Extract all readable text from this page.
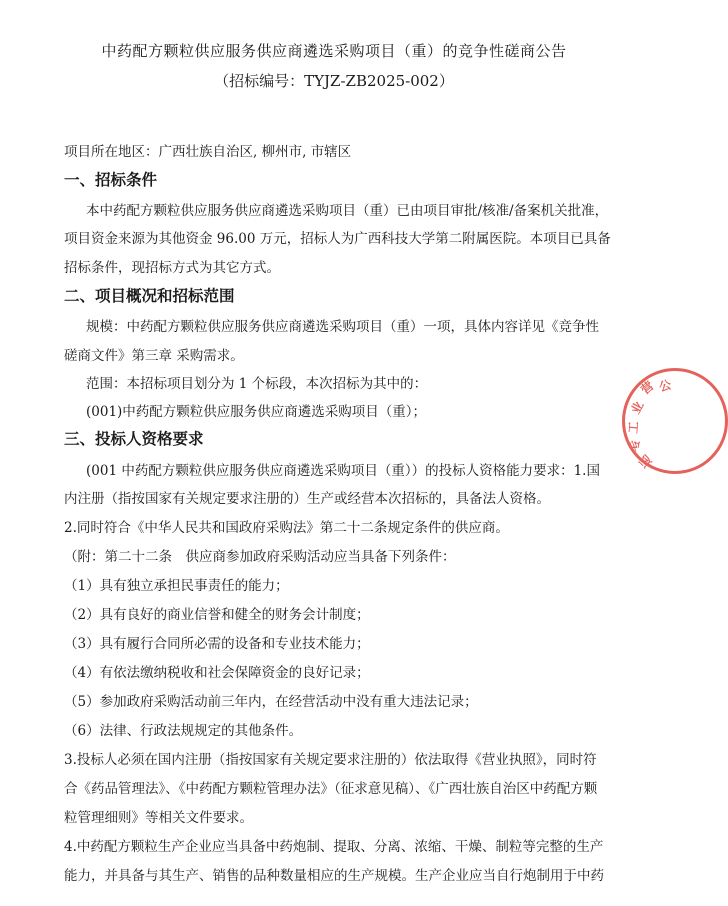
中药配方颗粒供应服务供应商遴选采购项目（重）的竞争性磋商公告
（招标编号：TYJZ-ZB2025-002）
项目所在地区：广西壮族自治区, 柳州市, 市辖区
一、招标条件
本中药配方颗粒供应服务供应商遴选采购项目（重）已由项目审批/核准/备案机关批准，
项目资金来源为其他资金 96.00 万元，招标人为广西科技大学第二附属医院。本项目已具备
招标条件，现招标方式为其它方式。
二、项目概况和招标范围
规模：中药配方颗粒供应服务供应商遴选采购项目（重）一项，具体内容详见《竞争性
磋商文件》第三章 采购需求。
范围：本招标项目划分为 1 个标段，本次招标为其中的：
(001)中药配方颗粒供应服务供应商遴选采购项目（重）；
三、投标人资格要求
(001 中药配方颗粒供应服务供应商遴选采购项目（重））的投标人资格能力要求：1.国
内注册（指按国家有关规定要求注册的）生产或经营本次招标的，具备法人资格。
2.同时符合《中华人民共和国政府采购法》第二十二条规定条件的供应商。
（附：第二十二条　供应商参加政府采购活动应当具备下列条件：
（1）具有独立承担民事责任的能力；
（2）具有良好的商业信誉和健全的财务会计制度；
（3）具有履行合同所必需的设备和专业技术能力；
（4）有依法缴纳税收和社会保障资金的良好记录；
（5）参加政府采购活动前三年内，在经营活动中没有重大违法记录；
（6）法律、行政法规规定的其他条件。
3.投标人必须在国内注册（指按国家有关规定要求注册的）依法取得《营业执照》，同时符
合《药品管理法》、《中药配方颗粒管理办法》（征求意见稿）、《广西壮族自治区中药配方颗
粒管理细则》等相关文件要求。
4.中药配方颗粒生产企业应当具备中药炮制、提取、分离、浓缩、干燥、制粒等完整的生产
能力，并具备与其生产、销售的品种数量相应的生产规模。生产企业应当自行炮制用于中药
营
业
工
专
运
公
